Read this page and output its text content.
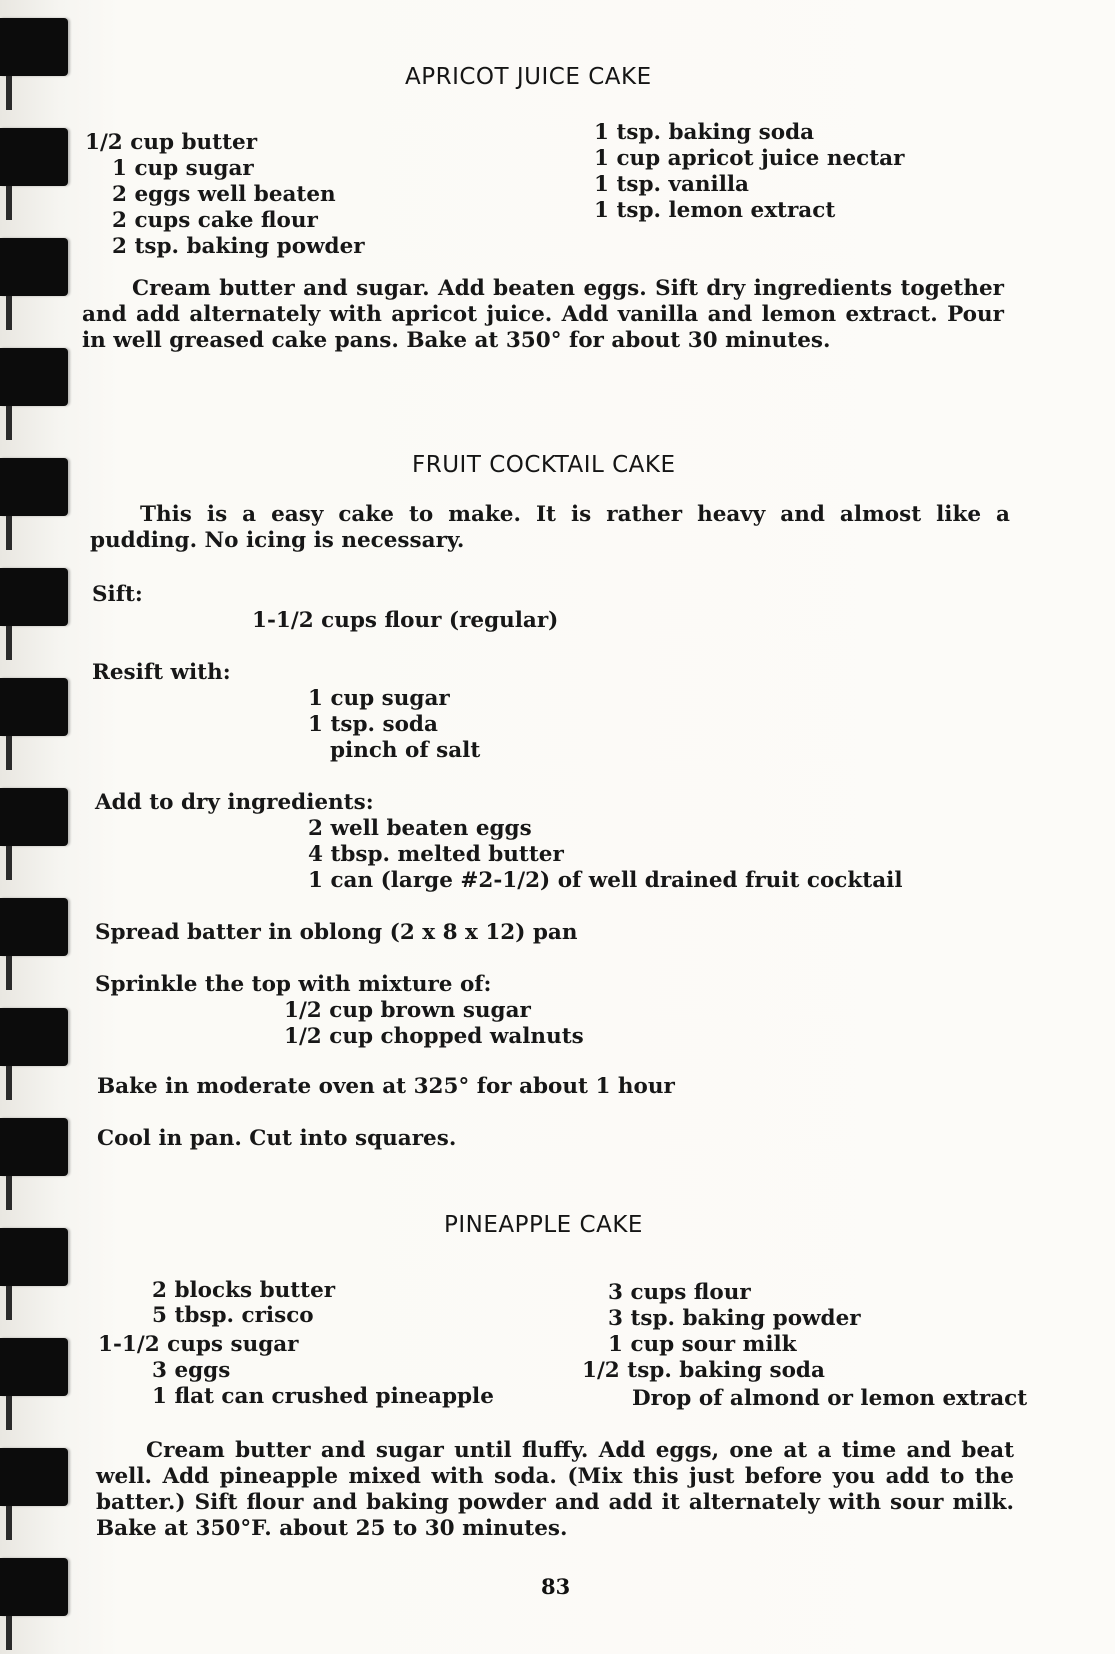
APRICOT JUICE CAKE
1/2 cup butter
1 cup sugar
2 eggs well beaten
2 cups cake flour
2 tsp. baking powder
1 tsp. baking soda
1 cup apricot juice nectar
1 tsp. vanilla
1 tsp. lemon extract
Cream butter and sugar. Add beaten eggs. Sift dry ingredients together and add alternately with apricot juice. Add vanilla and lemon extract. Pour in well greased cake pans. Bake at 350° for about 30 minutes.
FRUIT COCKTAIL CAKE
This is a easy cake to make. It is rather heavy and almost like a pudding. No icing is necessary.
Sift:
1-1/2 cups flour (regular)
Resift with:
1 cup sugar
1 tsp. soda
pinch of salt
Add to dry ingredients:
2 well beaten eggs
4 tbsp. melted butter
1 can (large #2-1/2) of well drained fruit cocktail
Spread batter in oblong (2 x 8 x 12) pan
Sprinkle the top with mixture of:
1/2 cup brown sugar
1/2 cup chopped walnuts
Bake in moderate oven at 325° for about 1 hour
Cool in pan. Cut into squares.
PINEAPPLE CAKE
2 blocks butter
5 tbsp. crisco
1-1/2 cups sugar
3 eggs
1 flat can crushed pineapple
3 cups flour
3 tsp. baking powder
1 cup sour milk
1/2 tsp. baking soda
Drop of almond or lemon extract
Cream butter and sugar until fluffy. Add eggs, one at a time and beat well. Add pineapple mixed with soda. (Mix this just before you add to the batter.) Sift flour and baking powder and add it alternately with sour milk. Bake at 350°F. about 25 to 30 minutes.
83
